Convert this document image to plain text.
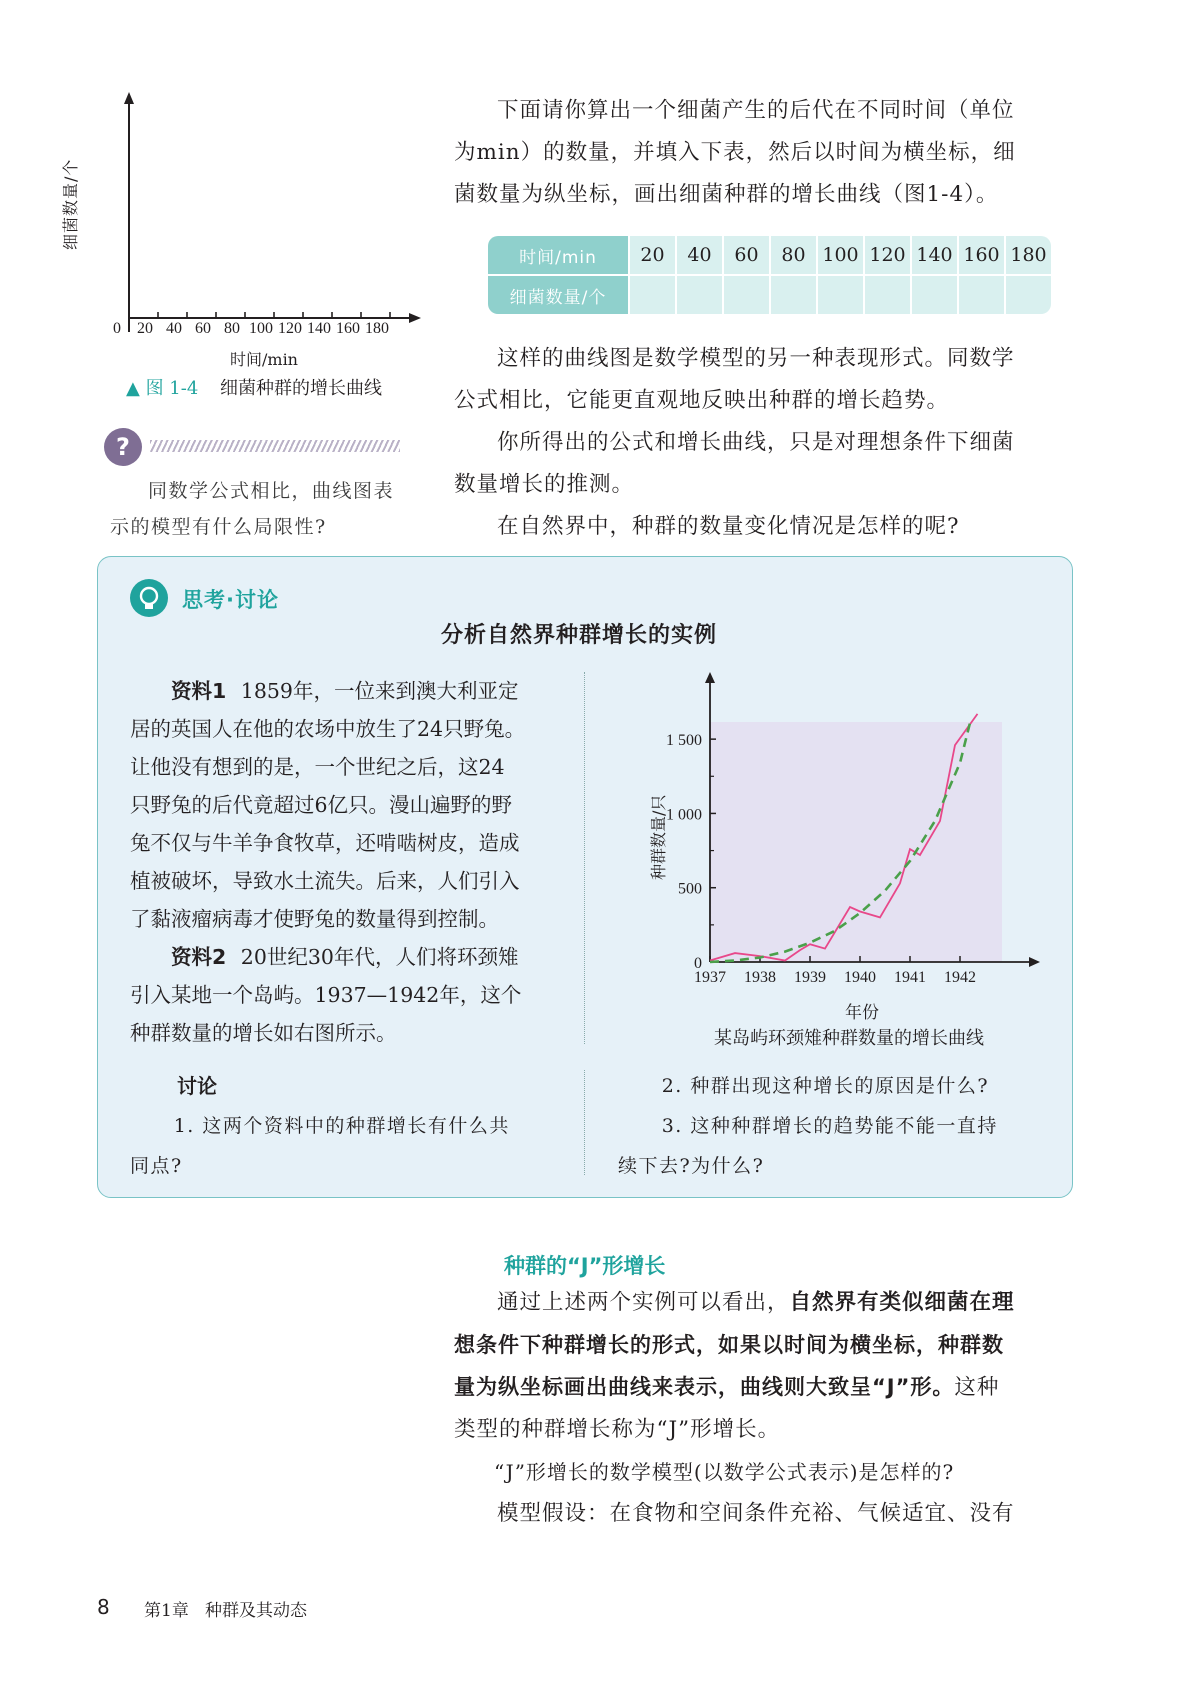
细菌数量/个
0 20 40 60 80 100 120 140 160 180
时间/min
▲ 图 1-4 细菌种群的增长曲线
?
同数学公式相比，曲线图表
示的模型有什么局限性?
下面请你算出一个细菌产生的后代在不同时间（单位
为min）的数量，并填入下表，然后以时间为横坐标，细
菌数量为纵坐标，画出细菌种群的增长曲线（图1-4）。
时间/min	20	40	60	80	100	120	140	160	180
细菌数量/个									
这样的曲线图是数学模型的另一种表现形式。同数学
公式相比，它能更直观地反映出种群的增长趋势。
你所得出的公式和增长曲线，只是对理想条件下细菌
数量增长的推测。
在自然界中，种群的数量变化情况是怎样的呢?
思考·讨论
分析自然界种群增长的实例
资料1 1859年，一位来到澳大利亚定
居的英国人在他的农场中放生了24只野兔。
让他没有想到的是，一个世纪之后，这24
只野兔的后代竟超过6亿只。漫山遍野的野
兔不仅与牛羊争食牧草，还啃啮树皮，造成
植被破坏，导致水土流失。后来，人们引入
了黏液瘤病毒才使野兔的数量得到控制。
资料2 20世纪30年代，人们将环颈雉
引入某地一个岛屿。1937—1942年，这个
种群数量的增长如右图所示。
0
500
1 000
1 500
1937 1938 1939 1940 1941 1942
种群数量/只
年份
某岛屿环颈雉种群数量的增长曲线
讨论
1. 这两个资料中的种群增长有什么共
同点?
2. 种群出现这种增长的原因是什么?
3. 这种种群增长的趋势能不能一直持
续下去?为什么?
种群的“J”形增长
通过上述两个实例可以看出，自然界有类似细菌在理
想条件下种群增长的形式，如果以时间为横坐标，种群数
量为纵坐标画出曲线来表示，曲线则大致呈“J”形。这种
类型的种群增长称为“J”形增长。
“J”形增长的数学模型(以数学公式表示)是怎样的?
模型假设：在食物和空间条件充裕、气候适宜、没有
8 第1章   种群及其动态
